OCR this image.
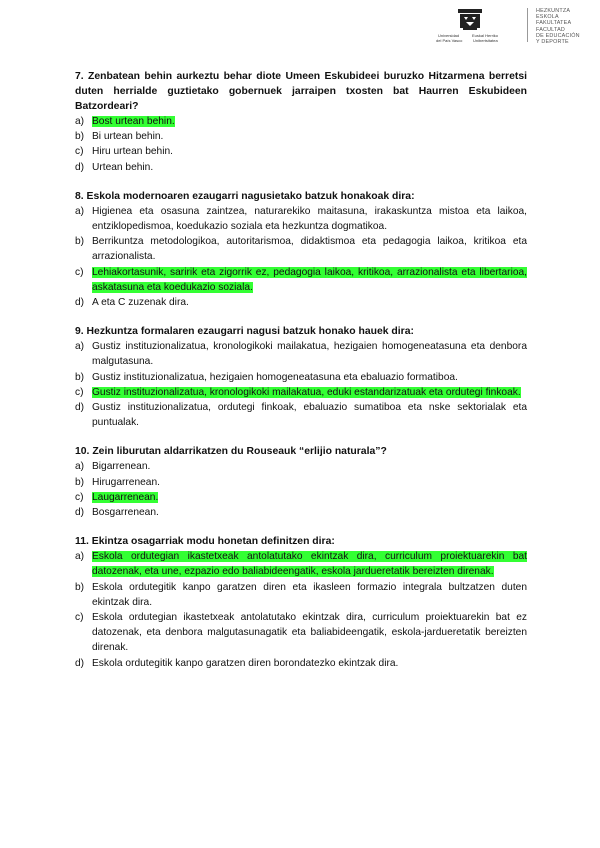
Universidad
del País Vasco
Euskal Herriko
Unibertsitatea
HEZKUNTZA
ESKOLA
FAKULTATEA
FACULTAD
DE EDUCACIÓN
Y DEPORTE
7. Zenbatean behin aurkeztu behar diote Umeen Eskubideei buruzko Hitzarmena berretsi duten herrialde guztietako gobernuek jarraipen txosten bat Haurren Eskubideen Batzordeari?
a) Bost urtean behin.
b) Bi urtean behin.
c) Hiru urtean behin.
d) Urtean behin.
8. Eskola modernoaren ezaugarri nagusietako batzuk honakoak dira:
a) Higienea eta osasuna zaintzea, naturarekiko maitasuna, irakaskuntza mistoa eta laikoa, entziklopedismoa, koedukazio soziala eta hezkuntza dogmatikoa.
b) Berrikuntza metodologikoa, autoritarismoa, didaktismoa eta pedagogia laikoa, kritikoa eta arrazionalista.
c) Lehiakortasunik, saririk eta zigorrik ez, pedagogia laikoa, kritikoa, arrazionalista eta libertarioa, askatasuna eta koedukazio soziala.
d) A eta C zuzenak dira.
9. Hezkuntza formalaren ezaugarri nagusi batzuk honako hauek dira:
a) Gustiz instituzionalizatua, kronologikoki mailakatua, hezigaien homogeneatasuna eta denbora malgutasuna.
b) Gustiz instituzionalizatua, hezigaien homogeneatasuna eta ebaluazio formatiboa.
c) Gustiz instituzionalizatua, kronologikoki mailakatua, eduki estandarizatuak eta ordutegi finkoak.
d) Gustiz instituzionalizatua, ordutegi finkoak, ebaluazio sumatiboa eta nske sektorialak eta puntualak.
10. Zein liburutan aldarrikatzen du Rouseauk “erlijio naturala”?
a) Bigarrenean.
b) Hirugarrenean.
c) Laugarrenean.
d) Bosgarrenean.
11. Ekintza osagarriak modu honetan definitzen dira:
a) Eskola ordutegian ikastetxeak antolatutako ekintzak dira, curriculum proiektuarekin bat datozenak, eta une, ezpazio edo baliabideengatik, eskola jardueretatik bereizten direnak.
b) Eskola ordutegitik kanpo garatzen diren eta ikasleen formazio integrala bultzatzen duten ekintzak dira.
c) Eskola ordutegian ikastetxeak antolatutako ekintzak dira, curriculum proiektuarekin bat ez datozenak, eta denbora malgutasunagatik eta baliabideengatik, eskola-jardueretatik bereizten direnak.
d) Eskola ordutegitik kanpo garatzen diren borondatezko ekintzak dira.
